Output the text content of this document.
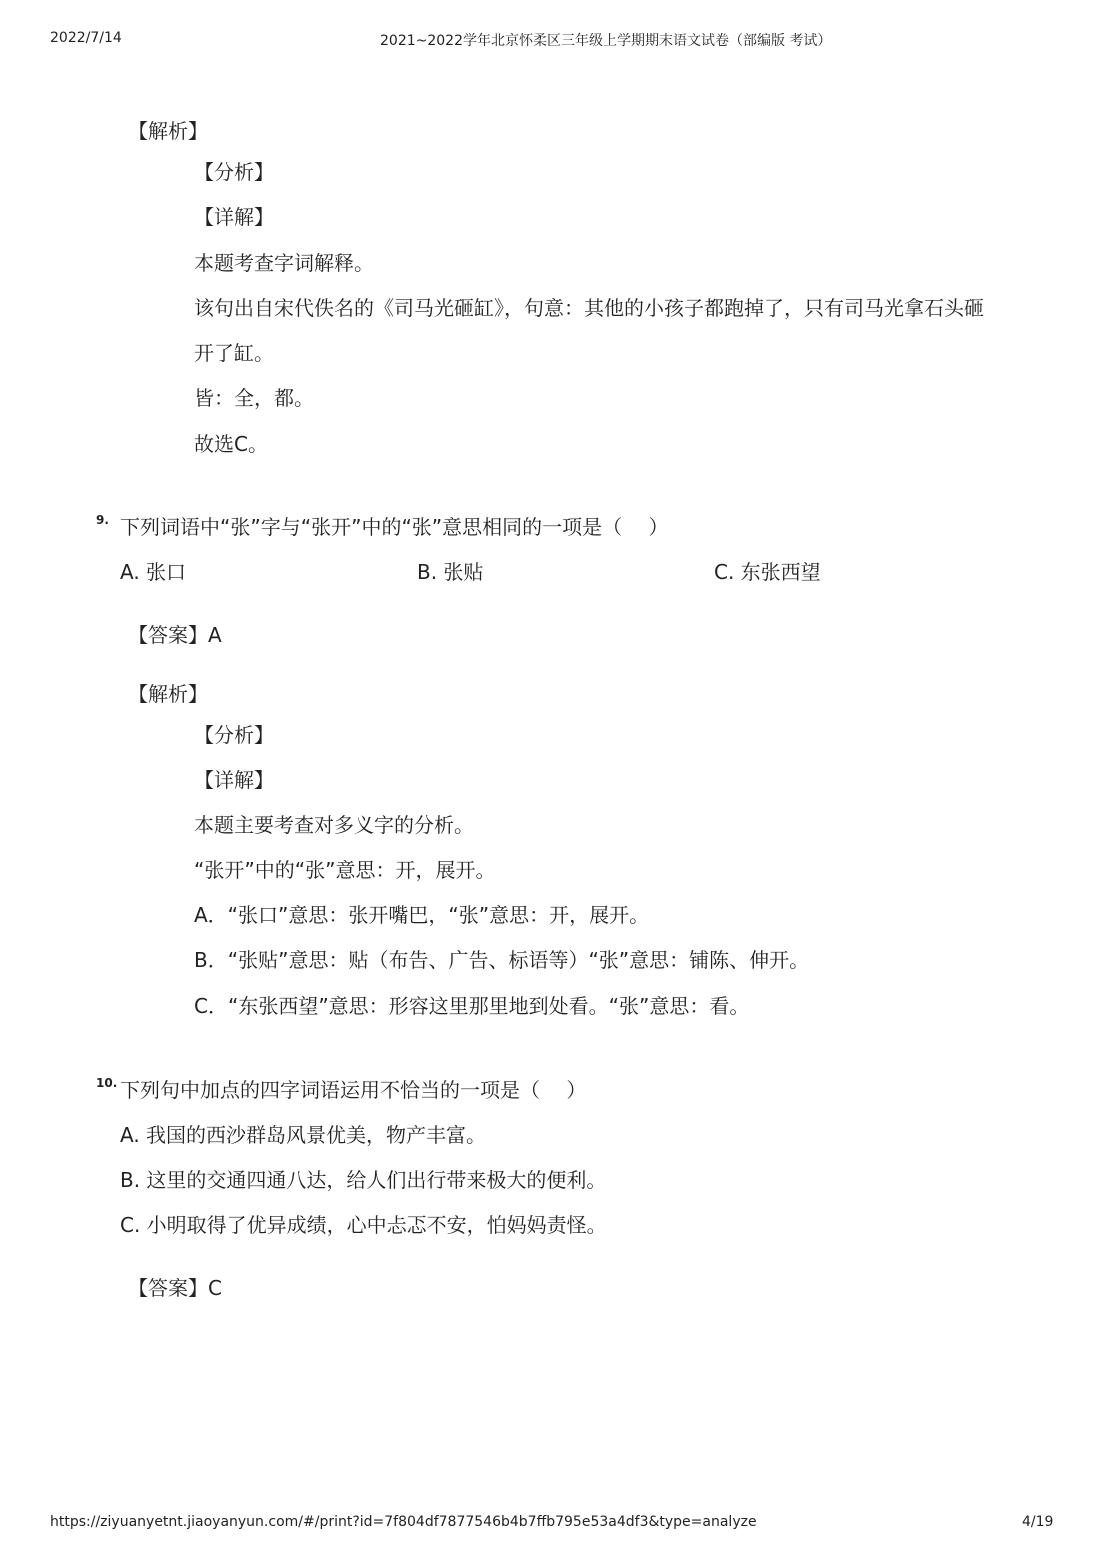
2022/7/14	2021~2022学年北京怀柔区三年级上学期期末语文试卷（部编版 考试）
【解析】
【分析】
【详解】
本题考查字词解释。
该句出自宋代佚名的《司马光砸缸》，句意：其他的小孩子都跑掉了，只有司马光拿石头砸
开了缸。
皆：全，都。
故选C。
9. 下列词语中“张”字与“张开”中的“张”意思相同的一项是（　 ）
A. 张口	B. 张贴	C. 东张西望
【答案】A
【解析】
【分析】
【详解】
本题主要考查对多义字的分析。
“张开”中的“张”意思：开，展开。
A．“张口”意思：张开嘴巴，“张”意思：开，展开。
B．“张贴”意思：贴（布告、广告、标语等）“张”意思：铺陈、伸开。
C．“东张西望”意思：形容这里那里地到处看。“张”意思：看。
10. 下列句中加点的四字词语运用不恰当的一项是（　 ）
A. 我国的西沙群岛风景优美，物产丰富。
B. 这里的交通四通八达，给人们出行带来极大的便利。
C. 小明取得了优异成绩，心中忐忑不安，怕妈妈责怪。
【答案】C
https://ziyuanyetnt.jiaoyanyun.com/#/print?id=7f804df7877546b4b7ffb795e53a4df3&type=analyze	4/19
